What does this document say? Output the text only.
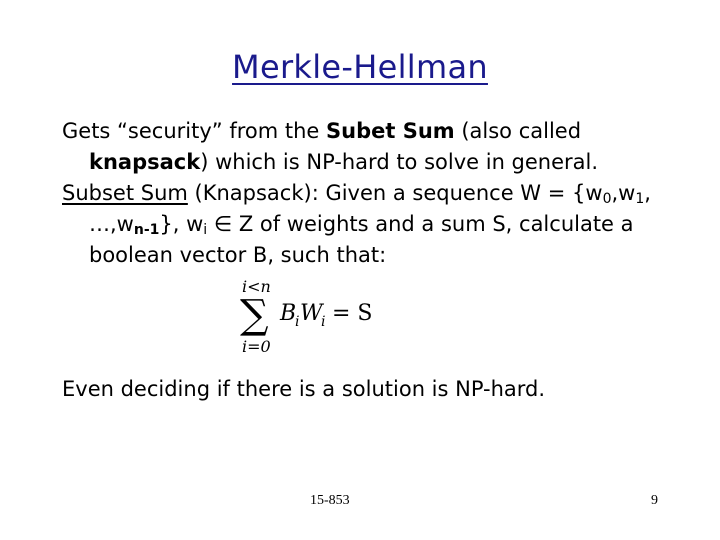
Merkle-Hellman
Gets “security” from the Subet Sum (also called
knapsack) which is NP-hard to solve in general.
Subset Sum (Knapsack): Given a sequence $W = \{w_0,w_1$,
$\dots,w_{n-1}$}, $w_i$ ∈ Z of weights and a sum S, calculate a
boolean vector B, such that:
i<n
∑
i=0
B
i W
i = S
Even deciding if there is a solution is NP-hard.
15-853	9
